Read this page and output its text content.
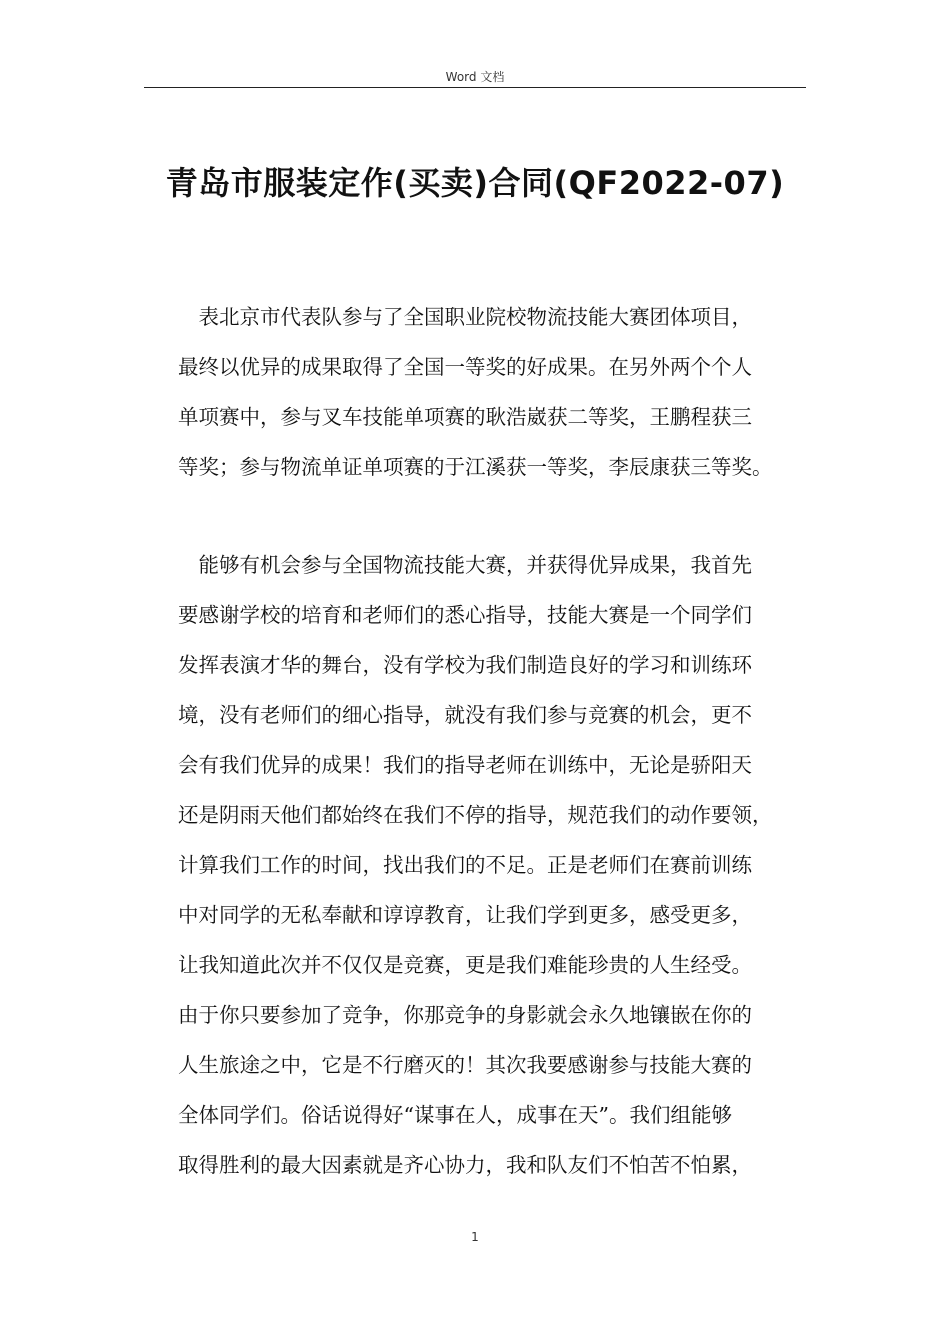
Word 文档
青岛市服装定作(买卖)合同(QF2022-07)
　表北京市代表队参与了全国职业院校物流技能大赛团体项目，
最终以优异的成果取得了全国一等奖的好成果。在另外两个个人
单项赛中，参与叉车技能单项赛的耿浩崴获二等奖，王鹏程获三
等奖；参与物流单证单项赛的于江溪获一等奖，李辰康获三等奖。
　能够有机会参与全国物流技能大赛，并获得优异成果，我首先
要感谢学校的培育和老师们的悉心指导，技能大赛是一个同学们
发挥表演才华的舞台，没有学校为我们制造良好的学习和训练环
境，没有老师们的细心指导，就没有我们参与竞赛的机会，更不
会有我们优异的成果！我们的指导老师在训练中，无论是骄阳天
还是阴雨天他们都始终在我们不停的指导，规范我们的动作要领，
计算我们工作的时间，找出我们的不足。正是老师们在赛前训练
中对同学的无私奉献和谆谆教育，让我们学到更多，感受更多，
让我知道此次并不仅仅是竞赛，更是我们难能珍贵的人生经受。
由于你只要参加了竞争，你那竞争的身影就会永久地镶嵌在你的
人生旅途之中，它是不行磨灭的！其次我要感谢参与技能大赛的
全体同学们。俗话说得好“谋事在人，成事在天”。我们组能够
取得胜利的最大因素就是齐心协力，我和队友们不怕苦不怕累，
1
